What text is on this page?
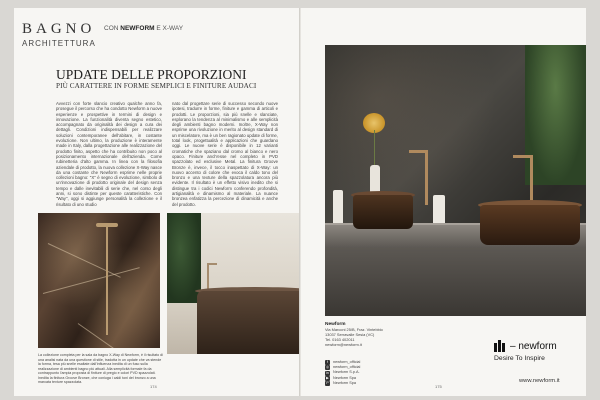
BAGNO CON NEWFORM E X-WAY
ARCHITETTURA
UPDATE DELLE PROPORZIONI
PIÙ CARATTERE IN FORME SEMPLICI E FINITURE AUDACI
Avvezzi con forte slancio creativo qualche anno fa, prosegue il percorso che ha condotto Newform a nuove esperienze e prospettive in termini di design e innovazione. La funzionalità diventa segno estetico, accompagnato da originalità dei design a cura dei dettagli. Condizioni indispensabili per realizzare soluzioni contemporanee dell'abitare, in costante evoluzione. Non ultimo, la produzione è interamente made in Italy, dalla progettazione alle realizzazione del prodotto finito, aspetto che ha contribuito non poco al posizionamento internazionale dell'azienda. Come rubinetteria d'alto gamma. In linea con la filosofia aziendale di prodotto, la nuova collezione X-Way nasce da una costante che Newform esprime nelle proprie collezioni bagno: "X" è segno di evoluzione, simbolo di un'innovazione di prodotto originale del design senza tempo e dalle inevitabili di serie che, nel corso degli anni, si sono distinte per queste caratteristiche. Con "Way", oggi si aggiunge personalità la collezione e il risultato di uno studio
nato dal progettare serie di successo secondo nuove ipotesi, tradurre in forme, finiture e gamma di articoli e prodotti. Le proporzioni, sia più snelle e slanciate, esplorano la tendenza al minimalismo e alle semplicità degli ambienti bagno moderni. Inoltre, X-Way non esprime una rivoluzione in merito al design standard di un miscelatore, ma è un ben ragionato update di forme, total look, progettualità e applicazioni che guardano oggi. Le nuove serie è disponibile in 12 varianti cromatiche che spaziano dal cromo al bianco e nero opaco. Finiture anch'esse nel completo in PVD spazzolato ed esclusive Metal. La finitura Groove Bronze è, invece, il tocco inaspettato di X-Way: un nuovo accento di colore che evoca il caldo tono del bronzo e una texture della spazzolatura ancora più evidente. Il risultato è un effetto visivo inedito che si distingue tra i codici Newform conferendo profondità, artigianalità e dinamismo al materiale. La nuance bronzea enfatizza la percezione di dinamicità e anche del prodotto.
La collezione completa per la sala da bagno X-Way di Newform, è il risultato di una analisi nata da una questione di stile, tradotta in un update che va stende la forma, tesa più snelle esaltate dall'influenza inedita di un fuso sulla realizzazione di ambienti bagno più attuali. Alla semplicità formale fa da contrappunto l'ampia proposta di finiture di pregio e colori PVD spazzolati. Inedita la finitura Groove Bronze, che coniuga i caldi toni del bronzo a una marcata texture spazzolata.
174
Newform
Via Marconi 25/B, Fraz. Vintebbio
13037 Serravalle Sesia (VC)
Tel. 0163 402011
newform@newform.it
f	newform_official
◎ newform_official
in	Newform S.p.A.
▶	Newform Spa
P	Newform Spa
– newform
Desire To Inspire
www.newform.it
175
